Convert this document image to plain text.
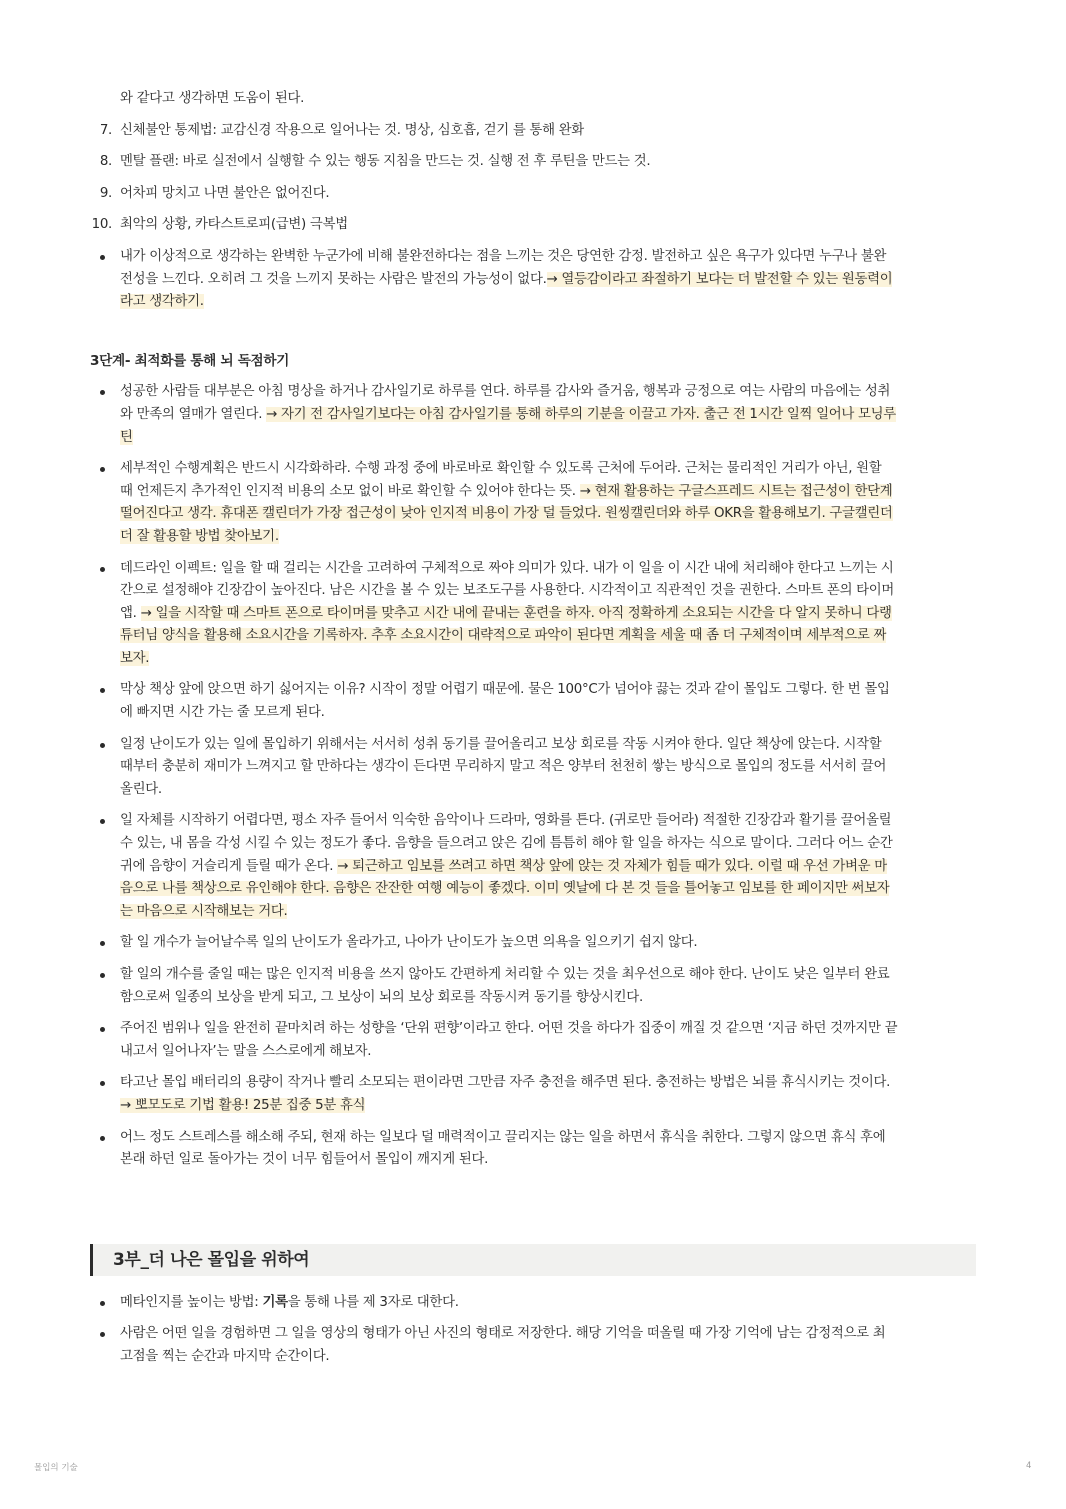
와 같다고 생각하면 도움이 된다.
7. 신체불안 통제법: 교감신경 작용으로 일어나는 것. 명상, 심호흡, 걷기 를 통해 완화
8. 멘탈 플랜: 바로 실전에서 실행할 수 있는 행동 지침을 만드는 것. 실행 전 후 루틴을 만드는 것.
9. 어차피 망치고 나면 불안은 없어진다.
10. 최악의 상황, 카타스트로피(급변) 극복법
내가 이상적으로 생각하는 완벽한 누군가에 비해 불완전하다는 점을 느끼는 것은 당연한 감정. 발전하고 싶은 욕구가 있다면 누구나 불완
전성을 느낀다. 오히려 그 것을 느끼지 못하는 사람은 발전의 가능성이 없다.→ 열등감이라고 좌절하기 보다는 더 발전할 수 있는 원동력이
라고 생각하기.
3단계- 최적화를 통해 뇌 독점하기
성공한 사람들 대부분은 아침 명상을 하거나 감사일기로 하루를 연다. 하루를 감사와 즐거움, 행복과 긍정으로 여는 사람의 마음에는 성취
와 만족의 열매가 열린다. → 자기 전 감사일기보다는 아침 감사일기를 통해 하루의 기분을 이끌고 가자. 출근 전 1시간 일찍 일어나 모닝루
틴
세부적인 수행계획은 반드시 시각화하라. 수행 과정 중에 바로바로 확인할 수 있도록 근처에 두어라. 근처는 물리적인 거리가 아닌, 원할
때 언제든지 추가적인 인지적 비용의 소모 없이 바로 확인할 수 있어야 한다는 뜻. → 현재 활용하는 구글스프레드 시트는 접근성이 한단계
떨어진다고 생각. 휴대폰 캘린더가 가장 접근성이 낮아 인지적 비용이 가장 덜 들었다. 원씽캘린더와 하루 OKR을 활용해보기. 구글캘린더
더 잘 활용할 방법 찾아보기.
데드라인 이펙트: 일을 할 때 걸리는 시간을 고려하여 구체적으로 짜야 의미가 있다. 내가 이 일을 이 시간 내에 처리해야 한다고 느끼는 시
간으로 설정해야 긴장감이 높아진다. 남은 시간을 볼 수 있는 보조도구를 사용한다. 시각적이고 직관적인 것을 권한다. 스마트 폰의 타이머
앱. → 일을 시작할 때 스마트 폰으로 타이머를 맞추고 시간 내에 끝내는 훈련을 하자. 아직 정확하게 소요되는 시간을 다 알지 못하니 다랭
튜터님 양식을 활용해 소요시간을 기록하자. 추후 소요시간이 대략적으로 파악이 된다면 계획을 세울 때 좀 더 구체적이며 세부적으로 짜
보자.
막상 책상 앞에 앉으면 하기 싫어지는 이유? 시작이 정말 어렵기 때문에. 물은 100°C가 넘어야 끓는 것과 같이 몰입도 그렇다. 한 번 몰입
에 빠지면 시간 가는 줄 모르게 된다.
일정 난이도가 있는 일에 몰입하기 위해서는 서서히 성취 동기를 끌어올리고 보상 회로를 작동 시켜야 한다. 일단 책상에 앉는다. 시작할
때부터 충분히 재미가 느껴지고 할 만하다는 생각이 든다면 무리하지 말고 적은 양부터 천천히 쌓는 방식으로 몰입의 정도를 서서히 끌어
올린다.
일 자체를 시작하기 어렵다면, 평소 자주 들어서 익숙한 음악이나 드라마, 영화를 튼다. (귀로만 들어라) 적절한 긴장감과 활기를 끌어올릴
수 있는, 내 몸을 각성 시킬 수 있는 정도가 좋다. 음향을 들으려고 앉은 김에 틈틈히 해야 할 일을 하자는 식으로 말이다. 그러다 어느 순간
귀에 음향이 거슬리게 들릴 때가 온다. → 퇴근하고 임보를 쓰려고 하면 책상 앞에 앉는 것 자체가 힘들 때가 있다. 이럴 때 우선 가벼운 마
음으로 나를 책상으로 유인해야 한다. 음향은 잔잔한 여행 예능이 좋겠다. 이미 옛날에 다 본 것 들을 틀어놓고 임보를 한 페이지만 써보자
는 마음으로 시작해보는 거다.
할 일 개수가 늘어날수록 일의 난이도가 올라가고, 나아가 난이도가 높으면 의욕을 일으키기 쉽지 않다.
할 일의 개수를 줄일 때는 많은 인지적 비용을 쓰지 않아도 간편하게 처리할 수 있는 것을 최우선으로 해야 한다. 난이도 낮은 일부터 완료
함으로써 일종의 보상을 받게 되고, 그 보상이 뇌의 보상 회로를 작동시켜 동기를 향상시킨다.
주어진 범위나 일을 완전히 끝마치려 하는 성향을 ‘단위 편향’이라고 한다. 어떤 것을 하다가 집중이 깨질 것 같으면 ‘지금 하던 것까지만 끝
내고서 일어나자’는 말을 스스로에게 해보자.
타고난 몰입 배터리의 용량이 작거나 빨리 소모되는 편이라면 그만큼 자주 충전을 해주면 된다. 충전하는 방법은 뇌를 휴식시키는 것이다.
→ 뽀모도로 기법 활용! 25분 집중 5분 휴식
어느 정도 스트레스를 해소해 주되, 현재 하는 일보다 덜 매력적이고 끌리지는 않는 일을 하면서 휴식을 취한다. 그렇지 않으면 휴식 후에
본래 하던 일로 돌아가는 것이 너무 힘들어서 몰입이 깨지게 된다.
3부_더 나은 몰입을 위하여
메타인지를 높이는 방법: 기록을 통해 나를 제 3자로 대한다.
사람은 어떤 일을 경험하면 그 일을 영상의 형태가 아닌 사진의 형태로 저장한다. 해당 기억을 떠올릴 때 가장 기억에 남는 감정적으로 최
고점을 찍는 순간과 마지막 순간이다.
몰입의 기술	4
